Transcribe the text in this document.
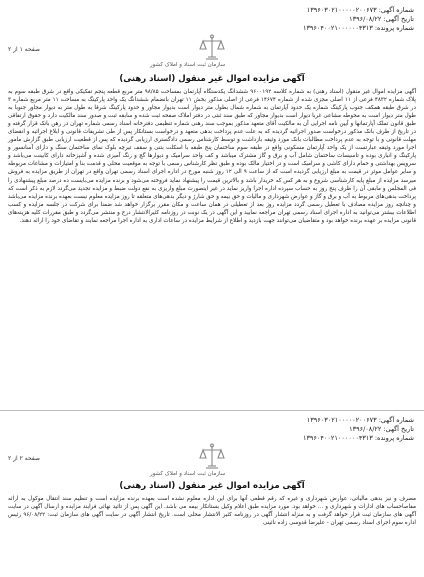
شماره آگهی: ۱۳۹۶۰۳۰۲۱۰۰۰۰۰۲۰۰۶۷۳
تاریخ آگهی: ۱۳۹۶/۰۸/۲۲
شماره پرونده: ۱۳۹۶۰۴۰۰۲۱۰۰۰۰۰۰۴۳۱۳
سازمان ثبت اسناد و املاک کشور
صفحه ۱ از ۲
آگهی مزایده اموال غیر منقول (اسناد رهنی)
آگهی مزایده اموال غیر منقول (اسناد رهنی) به شماره کلاسه ۹۶۰۰۱۹۲ ششدانگ یکدستگاه آپارتمان بمساحت ۹۸/۸۵ متر مربع قطعه پنجم تفکیکی واقع در شرق طبقه سوم به پلاک شماره ۴۸۳۲ فرعی از ۱۱ اصلی مجزی شده از شماره ۱۴۶۷۴ فرعی از اصلی مذکور بخش ۱۱ تهران بانضمام ششدانگ یک واحد پارکینگ به مساحت ۱۱ متر مربع شماره ۳ در شرق طبقه همکف جنوب پارکینگ شماره یک حدود آپارتمان به شماره شمال بطول متر دیوار است بدیوار مجاور و حدود پارکینگ شرقا به طول متر به دیوار مجاور جنوبا به طول متر دیوار است به محوطه مشاعی غربا دیوار است بدیوار مجاور که طبق سند ثبتی در دفتر املاک صفحه ثبت شده و سابقه ثبت و صدور سند مالکیت دارد و حقوق ارتفاقی طبق قانون تملک آپارتمانها و آیین نامه اجرایی آن به مالکیت آقای متعهد مذکور بموجب سند رهنی شماره تنظیمی دفترخانه اسناد رسمی شماره تهران در رهن بانک قرار گرفته و در تاریخ از طرف بانک مذکور درخواست صدور اجرائیه گردیده که به علت عدم پرداخت بدهی متعهد و درخواست بستانکار پس از طی تشریفات قانونی و ابلاغ اجرائیه و انقضای مهلت قانونی و با توجه به عدم پرداخت مطالبات بانک مورد وثیقه بازداشت و توسط کارشناس رسمی دادگستری ارزیابی گردیده که پس از قطعیت ارزیابی طبق گزارش مامور اجرا مورد وثیقه عبارتست از یک واحد آپارتمان مسکونی واقع در طبقه سوم ساختمان پنج طبقه با اسکلت بتنی و سقف تیرچه بلوک نمای ساختمان سنگ و دارای آسانسور و پارکینگ و انباری بوده و تاسیسات ساختمان شامل آب و برق و گاز مشترک میباشد و کف واحد سرامیک و دیوارها گچ و رنگ آمیزی شده و آشپزخانه دارای کابینت می‌باشد و سرویس بهداشتی و حمام دارای کاشی و سرامیک است و در اختیار مالک بوده و طبق نظر کارشناس رسمی با توجه به موقعیت محلی و قدمت بنا و امتیازات و مشاعات مربوطه و سایر عوامل موثر در قیمت به مبلغ ارزیابی گردیده است که از ساعت ۹ الی ۱۲ روز شنبه مورخ در اداره اجرای اسناد رسمی تهران واقع در تهران از طریق مزایده به فروش میرسد مزایده از مبلغ پایه کارشناسی شروع و به هر کس که خریدار باشد و بالاترین قیمت را پیشنهاد نماید فروخته می‌شود و برنده مزایده می‌بایست ده درصد مبلغ پیشنهادی را فی المجلس و مابقی آن را ظرف پنج روز به حساب سپرده اداره اجرا واریز نماید در غیر اینصورت مبلغ واریزی به نفع دولت ضبط و مزایده تجدید می‌گردد لازم به ذکر است که پرداخت بدهی‌های مربوط به آب و برق و گاز و عوارض شهرداری و مالیات و حق بیمه و حق شارژ و دیگر بدهی‌های متعلقه تا روز مزایده معلوم نیست بعهده برنده مزایده می‌باشد و چنانچه روز مزایده مصادف با تعطیل رسمی گردد مزایده روز بعد از تعطیلی در همان ساعت و مکان مقرر برگزار خواهد شد ضمنا برای شرکت در جلسه مزایده و کسب اطلاعات بیشتر می‌توانید به اداره اجرای اسناد رسمی تهران مراجعه نمایید و این آگهی در یک نوبت در روزنامه کثیرالانتشار درج و منتشر می‌گردد و طبق مقررات کلیه هزینه‌های قانونی مزایده بر عهده برنده خواهد بود و متقاضیان می‌توانند جهت بازدید و اطلاع از شرایط مزایده در ساعات اداری به اداره اجرا مراجعه نمایند و تقاضای خود را ارائه دهند.
شماره آگهی: ۱۳۹۶۰۳۰۲۱۰۰۰۰۰۲۰۰۶۷۳
تاریخ آگهی: ۱۳۹۶/۰۸/۲۲
شماره پرونده: ۱۳۹۶۰۴۰۰۲۱۰۰۰۰۰۰۴۳۱۳
سازمان ثبت اسناد و املاک کشور
صفحه ۲ از ۲
آگهی مزایده اموال غیر منقول (اسناد رهنی)
مصرف و نیز بدهی مالیاتی، عوارض شهرداری و غیره که رقم قطعی آنها برای این اداره معلوم نشده است بعهده برنده مزایده است و تنظیم سند انتقال موکول به ارائه مفاصاحساب های ادارات و شهرداری و ... خواهد بود. مورد مزایده طبق اعلام وکیل بستانکار بیمه می باشد. این آگهی پس از تائید نهائی فرایند مزایده و ارسال آگهی در سایت آگهی های سازمان ثبت قرار خواهد گرفت و به منزله انتشار آگهی در روزنامه کثیر الانتشار محلی است. تاریخ انتشار آگهی در سایت آگهی های سازمان ثبت: ۹۶/۰۸/۲۲ رئیس اداره سوم اجرای اسناد رسمی تهران - علیرضا قدوسی زاده نائینی
